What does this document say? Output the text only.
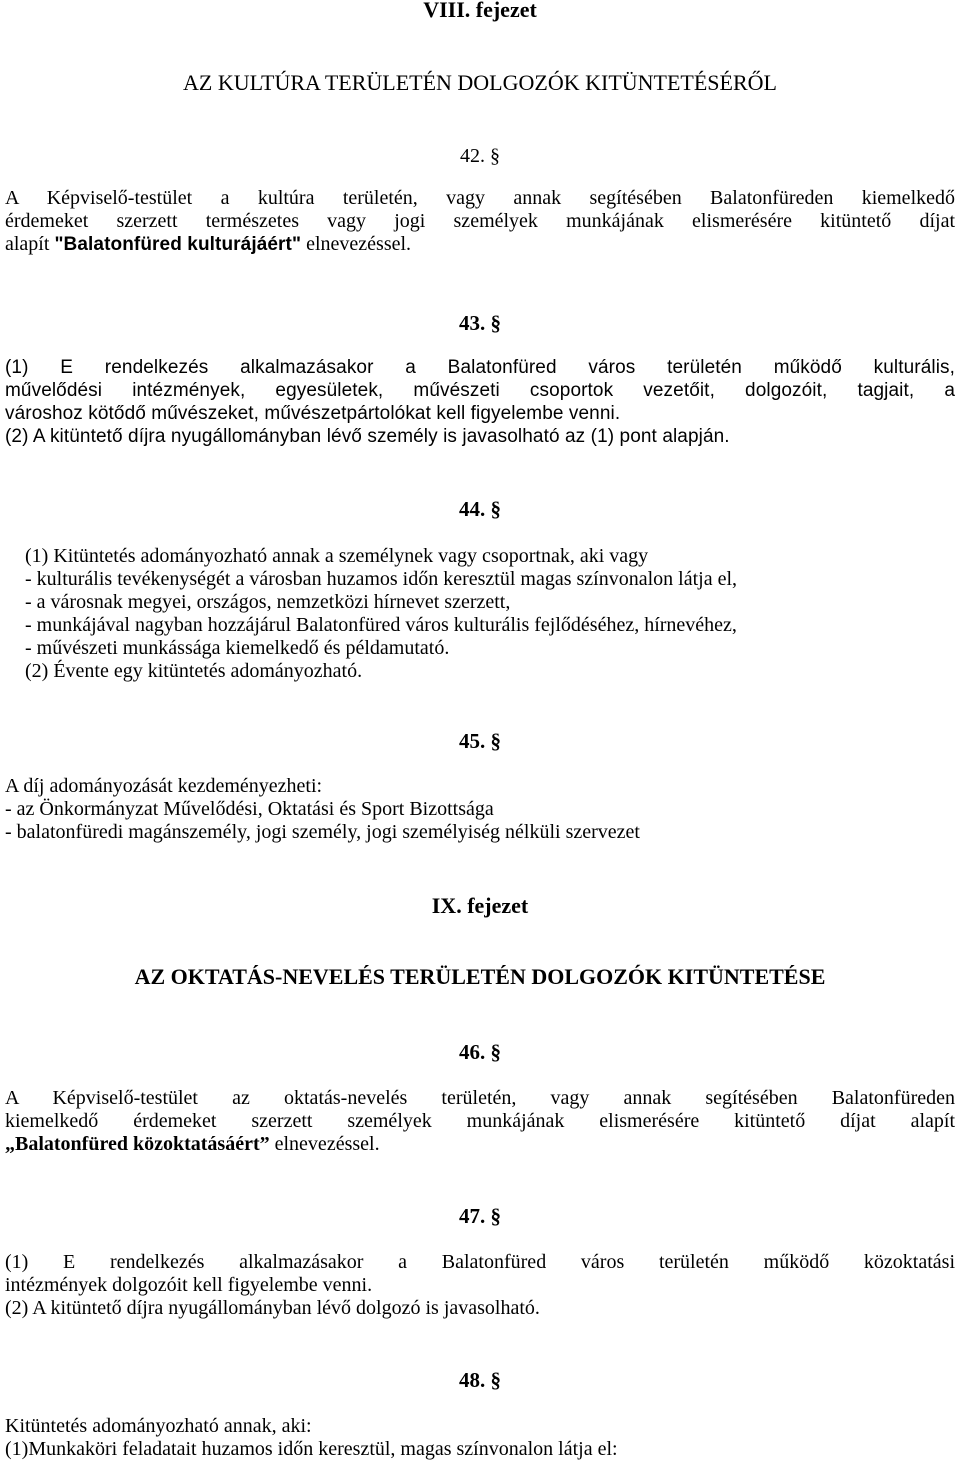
VIII. fejezet
AZ KULTÚRA TERÜLETÉN DOLGOZÓK KITÜNTETÉSÉRŐL
42. §

A Képviselő-testület a kultúra területén, vagy annak segítésében Balatonfüreden kiemelkedő

érdemeket szerzett természetes vagy jogi személyek munkájának elismerésére kitüntető díjat

alapít "Balatonfüred kulturájáért" elnevezéssel.

43. §

(1) E rendelkezés alkalmazásakor a Balatonfüred város területén működő kulturális,

művelődési intézmények, egyesületek, művészeti csoportok vezetőit, dolgozóit, tagjait, a

városhoz kötődő művészeket, művészetpártolókat kell figyelembe venni.

(2) A kitüntető díjra nyugállományban lévő személy is javasolható az (1) pont alapján.

44. §

(1) Kitüntetés adományozható annak a személynek vagy csoportnak, aki vagy

- kulturális tevékenységét a városban huzamos időn keresztül magas színvonalon látja el,

- a városnak megyei, országos, nemzetközi hírnevet szerzett,

- munkájával nagyban hozzájárul Balatonfüred város kulturális fejlődéséhez, hírnevéhez,

- művészeti munkássága kiemelkedő és példamutató.

(2) Évente egy kitüntetés adományozható.

45. §

A díj adományozását kezdeményezheti:

- az Önkormányzat Művelődési, Oktatási és Sport Bizottsága

- balatonfüredi magánszemély, jogi személy, jogi személyiség nélküli szervezet

IX. fejezet
AZ OKTATÁS-NEVELÉS TERÜLETÉN DOLGOZÓK KITÜNTETÉSE
46. §

A Képviselő-testület az oktatás-nevelés területén, vagy annak segítésében Balatonfüreden

kiemelkedő érdemeket szerzett személyek munkájának elismerésére kitüntető díjat alapít

„Balatonfüred közoktatásáért” elnevezéssel.

47. §

(1) E rendelkezés alkalmazásakor a Balatonfüred város területén működő közoktatási

intézmények dolgozóit kell figyelembe venni.

(2) A kitüntető díjra nyugállományban lévő dolgozó is javasolható.

48. §

Kitüntetés adományozható annak, aki:

(1)Munkaköri feladatait huzamos időn keresztül, magas színvonalon látja el:
